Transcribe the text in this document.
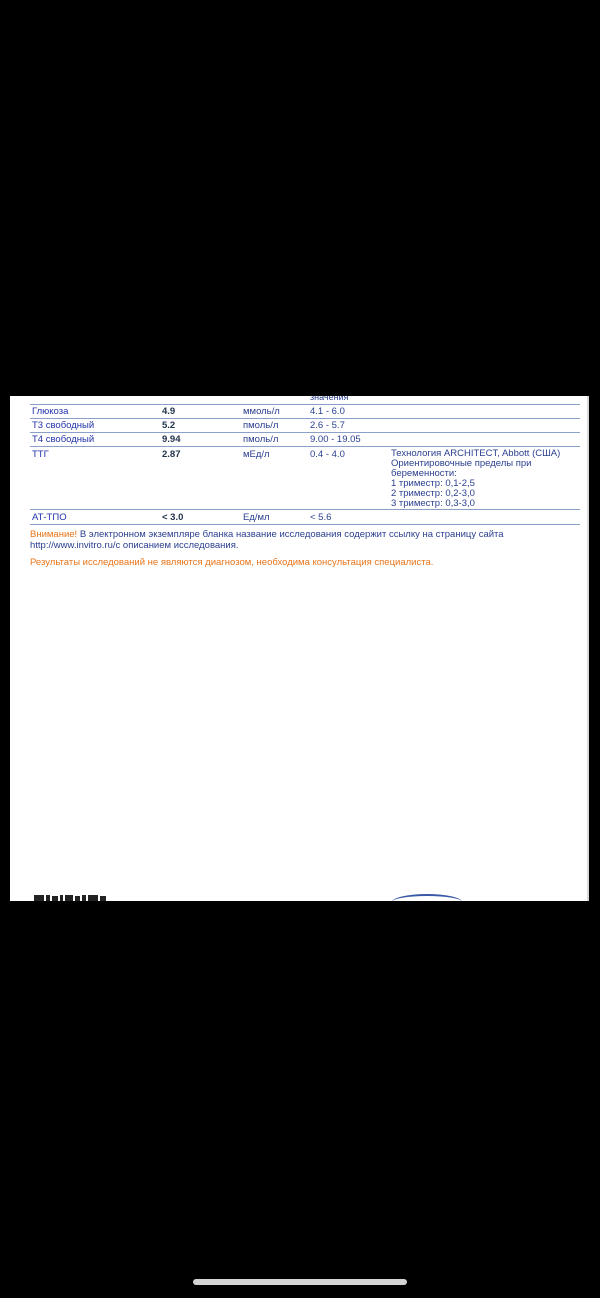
значения
Глюкоза	4.9	ммоль/л	4.1 - 6.0
Т3 свободный	5.2	пмоль/л	2.6 - 5.7
Т4 свободный	9.94	пмоль/л	9.00 - 19.05
ТТГ	2.87	мЕд/л	0.4 - 4.0	Технология ARCHITECT, Abbott (США)
Ориентировочные пределы при
беременности:
1 триместр: 0,1-2,5
2 триместр: 0,2-3,0
3 триместр: 0,3-3,0
АТ-ТПО	< 3.0	Ед/мл	< 5.6
Внимание! В электронном экземпляре бланка название исследования содержит ссылку на страницу сайта
http://www.invitro.ru/с описанием исследования.
Результаты исследований не являются диагнозом, необходима консультация специалиста.
